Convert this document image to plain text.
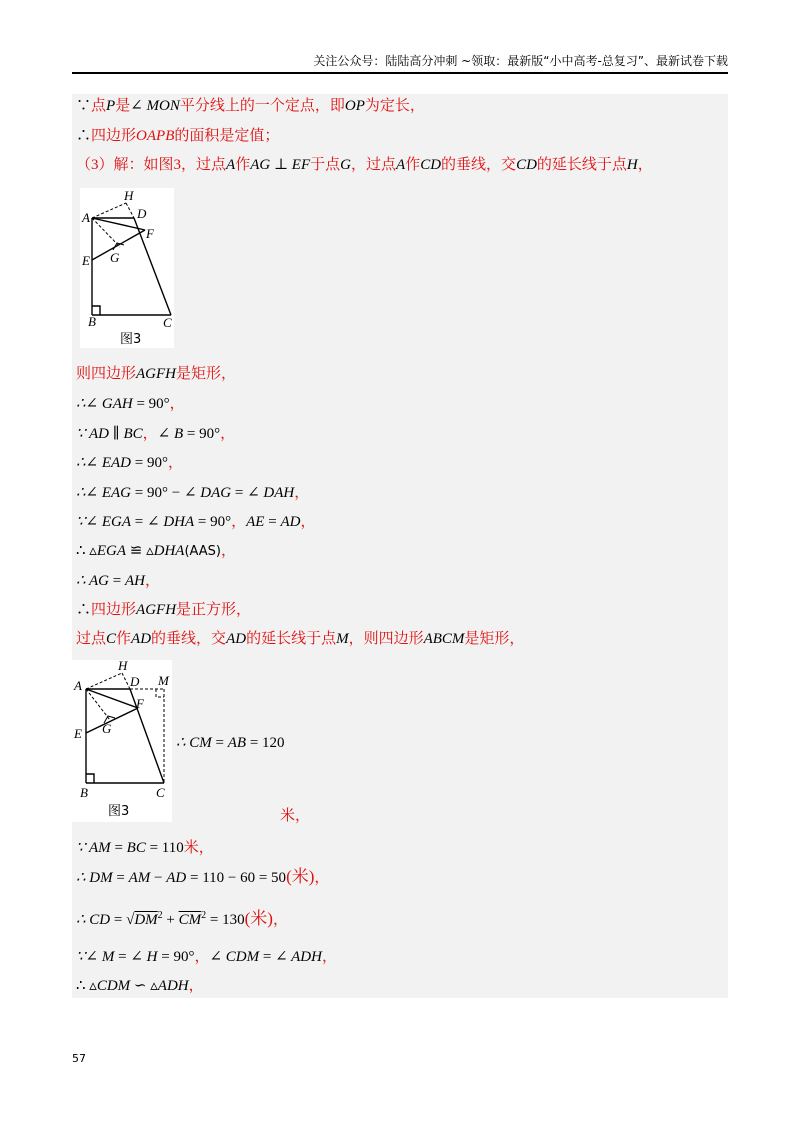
关注公众号：陆陆高分冲刺 ~领取：最新版“小中高考-总复习”、最新试卷下载
∵点P是∠ MON平分线上的一个定点，即OP为定长，
∴四边形OAPB的面积是定值；
（3）解：如图3，过点A作AG ⊥ EF于点G，过点A作CD的垂线，交CD的延长线于点H，
A	D
H
F
E G
B	C
图3
则四边形AGFH是矩形，
∴∠ GAH = 90°，
∵ AD ∥ BC，∠ B = 90°，
∴∠ EAD = 90°，
∴∠ EAG = 90° − ∠ DAG = ∠ DAH，
∵∠ EGA = ∠ DHA = 90°，AE = AD，
∴ ▵EGA ≌ ▵DHA(AAS)，
∴ AG = AH，
∴四边形AGFH是正方形，
过点C作AD的垂线，交AD的延长线于点M，则四边形ABCM是矩形，
A	D
H
M
F
E G
B	C
图3
∴ CM = AB = 120
米，
∵ AM = BC = 110米，
∴ DM = AM − AD = 110 − 60 = 50(米)，
∴ CD = $√DM^2 + \overline{CM}^2 = 130$(米)，
∵∠ M = ∠ H = 90°，∠ CDM = ∠ ADH，
∴ ▵CDM ∽ ▵ADH，
57
